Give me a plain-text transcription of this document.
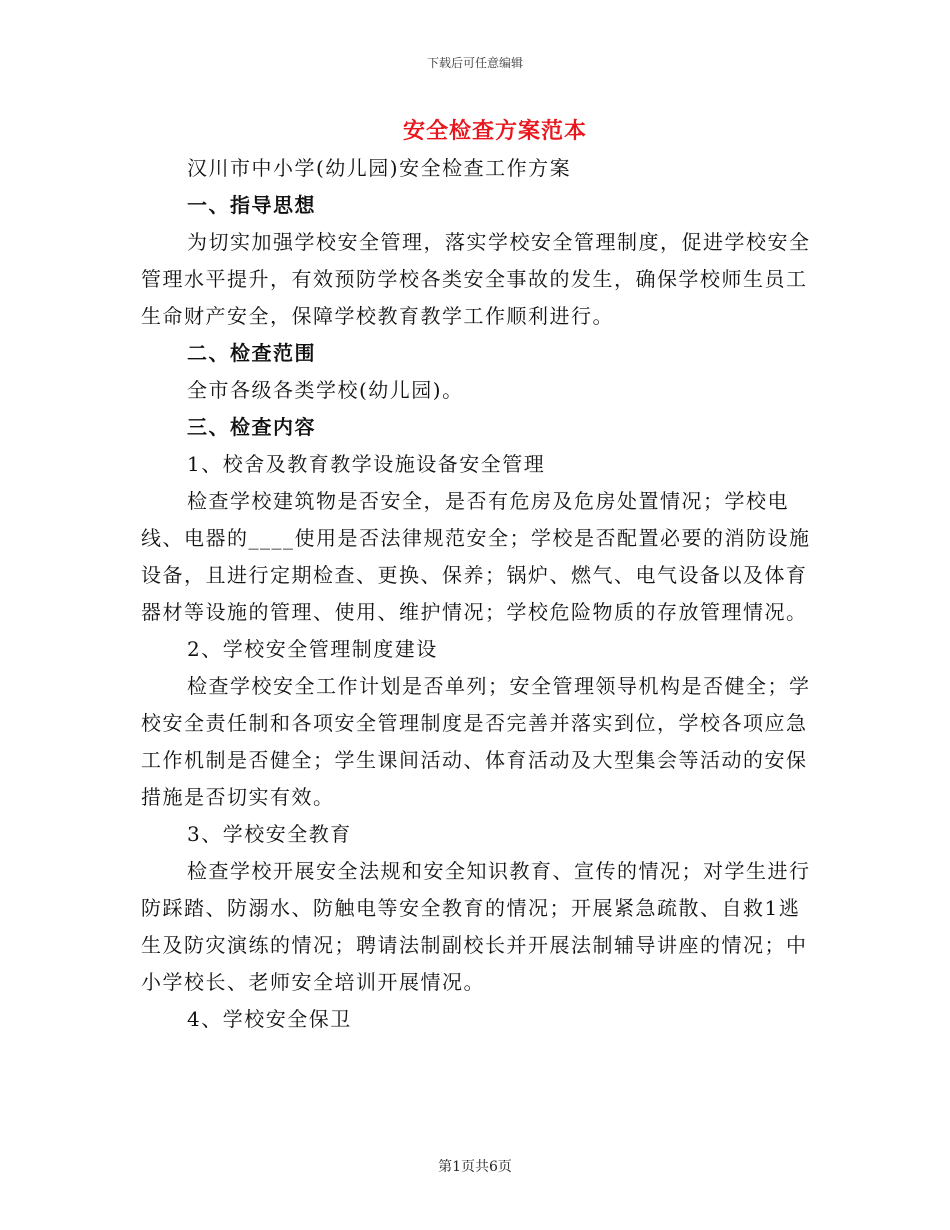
下载后可任意编辑
安全检查方案范本

汉川市中小学(幼儿园)安全检查工作方案

一、指导思想

为切实加强学校安全管理，落实学校安全管理制度，促进学校安全管理水平提升，有效预防学校各类安全事故的发生，确保学校师生员工生命财产安全，保障学校教育教学工作顺利进行。

二、检查范围

全市各级各类学校(幼儿园)。

三、检查内容

1、校舍及教育教学设施设备安全管理

检查学校建筑物是否安全，是否有危房及危房处置情况；学校电线、电器的____使用是否法律规范安全；学校是否配置必要的消防设施设备，且进行定期检查、更换、保养；锅炉、燃气、电气设备以及体育器材等设施的管理、使用、维护情况；学校危险物质的存放管理情况。

2、学校安全管理制度建设

检查学校安全工作计划是否单列；安全管理领导机构是否健全；学校安全责任制和各项安全管理制度是否完善并落实到位，学校各项应急工作机制是否健全；学生课间活动、体育活动及大型集会等活动的安保措施是否切实有效。

3、学校安全教育

检查学校开展安全法规和安全知识教育、宣传的情况；对学生进行防踩踏、防溺水、防触电等安全教育的情况；开展紧急疏散、自救1逃生及防灾演练的情况；聘请法制副校长并开展法制辅导讲座的情况；中小学校长、老师安全培训开展情况。

4、学校安全保卫

第1页共6页
